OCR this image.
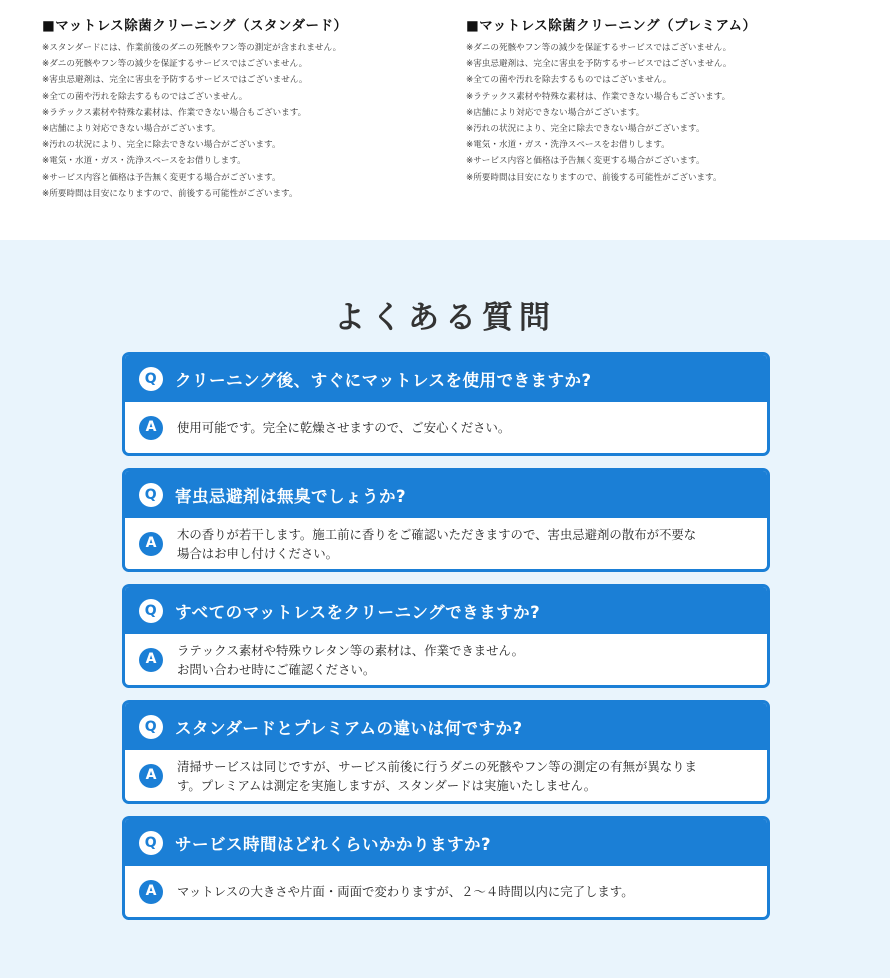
■マットレス除菌クリーニング（スタンダード）
※スタンダードには、作業前後のダニの死骸やフン等の測定が含まれません。
※ダニの死骸やフン等の減少を保証するサービスではございません。
※害虫忌避剤は、完全に害虫を予防するサービスではございません。
※全ての菌や汚れを除去するものではございません。
※ラテックス素材や特殊な素材は、作業できない場合もございます。
※店舗により対応できない場合がございます。
※汚れの状況により、完全に除去できない場合がございます。
※電気・水道・ガス・洗浄スペースをお借りします。
※サービス内容と価格は予告無く変更する場合がございます。
※所要時間は目安になりますので、前後する可能性がございます。
■マットレス除菌クリーニング（プレミアム）
※ダニの死骸やフン等の減少を保証するサービスではございません。
※害虫忌避剤は、完全に害虫を予防するサービスではございません。
※全ての菌や汚れを除去するものではございません。
※ラテックス素材や特殊な素材は、作業できない場合もございます。
※店舗により対応できない場合がございます。
※汚れの状況により、完全に除去できない場合がございます。
※電気・水道・ガス・洗浄スペースをお借りします。
※サービス内容と価格は予告無く変更する場合がございます。
※所要時間は目安になりますので、前後する可能性がございます。
よくある質問
Q	クリーニング後、すぐにマットレスを使用できますか?
A	使用可能です。完全に乾燥させますので、ご安心ください。
Q	害虫忌避剤は無臭でしょうか?
A
木の香りが若干します。施工前に香りをご確認いただきますので、害虫忌避剤の散布が不要な
場合はお申し付けください。
Q	すべてのマットレスをクリーニングできますか?
A
ラテックス素材や特殊ウレタン等の素材は、作業できません。
お問い合わせ時にご確認ください。
Q	スタンダードとプレミアムの違いは何ですか?
A
清掃サービスは同じですが、サービス前後に行うダニの死骸やフン等の測定の有無が異なりま
す。プレミアムは測定を実施しますが、スタンダードは実施いたしません。
Q	サービス時間はどれくらいかかりますか?
A	マットレスの大きさや片面・両面で変わりますが、２～４時間以内に完了します。
